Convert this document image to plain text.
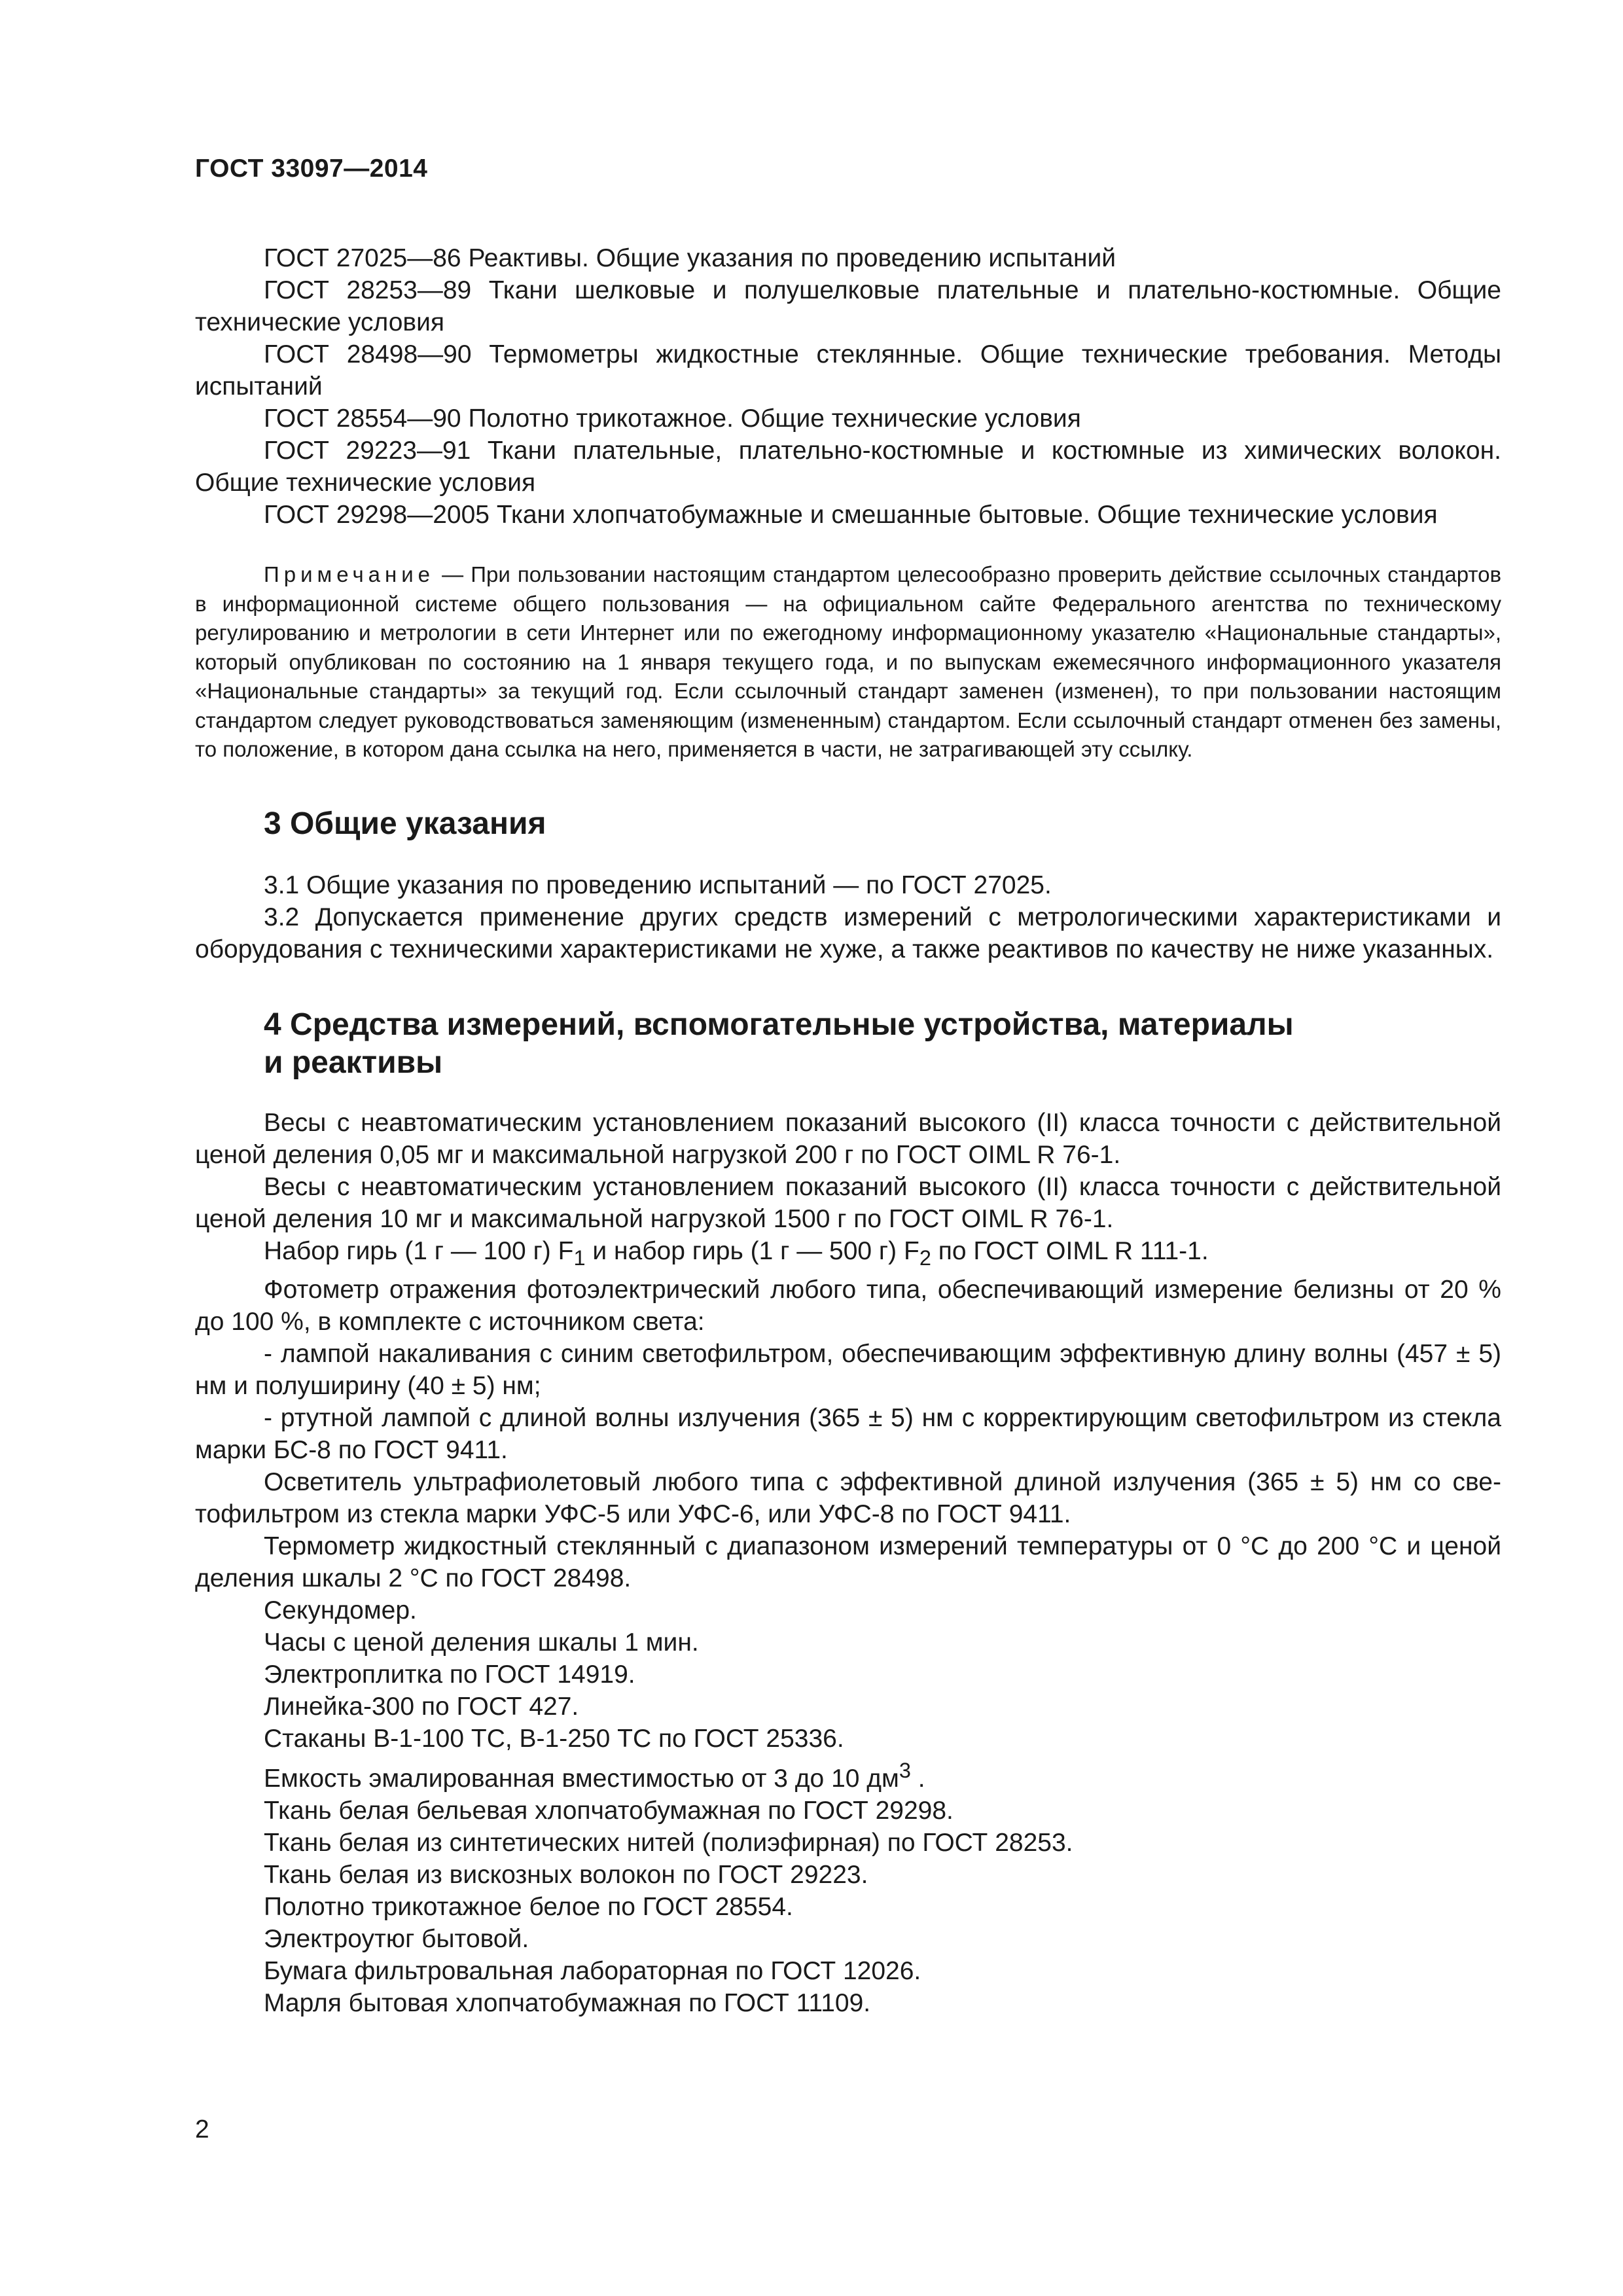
ГОСТ 33097—2014

ГОСТ 27025—86 Реактивы. Общие указания по проведению испытаний

ГОСТ 28253—89 Ткани шелковые и полушелковые плательные и плательно-костюмные. Общие технические условия

ГОСТ 28498—90 Термометры жидкостные стеклянные. Общие технические требования. Методы испытаний

ГОСТ 28554—90 Полотно трикотажное. Общие технические условия

ГОСТ 29223—91 Ткани плательные, плательно-костюмные и костюмные из химических волокон. Общие технические условия

ГОСТ 29298—2005 Ткани хлопчатобумажные и смешанные бытовые. Общие технические условия

Примечание — При пользовании настоящим стандартом целесообразно проверить действие ссылочных стандартов в информационной системе общего пользования — на официальном сайте Федерального агентства по техническому регулированию и метрологии в сети Интернет или по ежегодному информационному указателю «Национальные стандарты», который опубликован по состоянию на 1 января текущего года, и по выпускам ежемесячного информационного указателя «Национальные стандарты» за текущий год. Если ссылочный стандарт заменен (изменен), то при пользовании настоящим стандартом следует руководствоваться заменяющим (измененным) стандартом. Если ссылочный стандарт отменен без замены, то положение, в котором дана ссылка на него, применяется в части, не затрагивающей эту ссылку.

3 Общие указания

3.1 Общие указания по проведению испытаний — по ГОСТ 27025.

3.2 Допускается применение других средств измерений с метрологическими характеристиками и оборудования с техническими характеристиками не хуже, а также реактивов по качеству не ниже указанных.

4 Средства измерений, вспомогательные устройства, материалы
и реактивы

Весы с неавтоматическим установлением показаний высокого (II) класса точности с действительной ценой деления 0,05 мг и максимальной нагрузкой 200 г по ГОСТ OIML R 76-1.

Весы с неавтоматическим установлением показаний высокого (II) класса точности с действительной ценой деления 10 мг и максимальной нагрузкой 1500 г по ГОСТ OIML R 76-1.

Набор гирь (1 г — 100 г) $F_1$ и набор гирь (1 г — 500 г) $F_2$ по ГОСТ OIML R 111-1.

Фотометр отражения фотоэлектрический любого типа, обеспечивающий измерение белизны от 20 % до 100 %, в комплекте с источником света:

- лампой накаливания с синим светофильтром, обеспечивающим эффективную длину волны (457 ± 5) нм и полуширину (40 ± 5) нм;

- ртутной лампой с длиной волны излучения (365 ± 5) нм с корректирующим светофильтром из стекла марки БС-8 по ГОСТ 9411.

Осветитель ультрафиолетовый любого типа с эффективной длиной излучения (365 ± 5) нм со светофильтром из стекла марки УФС-5 или УФС-6, или УФС-8 по ГОСТ 9411.

Термометр жидкостный стеклянный с диапазоном измерений температуры от 0 °С до 200 °С и ценой деления шкалы 2 °С по ГОСТ 28498.

Секундомер.

Часы с ценой деления шкалы 1 мин.

Электроплитка по ГОСТ 14919.

Линейка-300 по ГОСТ 427.

Стаканы В-1-100 ТС, В-1-250 ТС по ГОСТ 25336.

Емкость эмалированная вместимостью от 3 до 10 $дм^3$ .

Ткань белая бельевая хлопчатобумажная по ГОСТ 29298.

Ткань белая из синтетических нитей (полиэфирная) по ГОСТ 28253.

Ткань белая из вискозных волокон по ГОСТ 29223.

Полотно трикотажное белое по ГОСТ 28554.

Электроутюг бытовой.

Бумага фильтровальная лабораторная по ГОСТ 12026.

Марля бытовая хлопчатобумажная по ГОСТ 11109.

2
